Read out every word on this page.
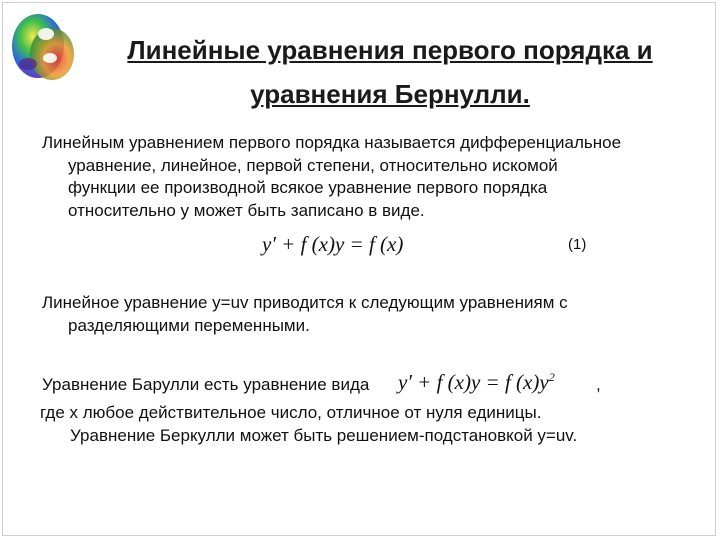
Линейные уравнения первого порядка и
уравнения Бернулли.
Линейным уравнением первого порядка называется дифференциальное
уравнение, линейное, первой степени, относительно искомой
функции ее производной всякое уравнение первого порядка
относительно y может быть записано в виде.
y′ + f (x)y = f (x)	(1)
Линейное уравнение y=uv приводится к следующим уравнениям с
разделяющими переменными.
Уравнение Барулли есть уравнение вида	y′ + f (x)y = f $(x)y^2$ ,
где x любое действительное число, отличное от нуля единицы.
Уравнение Беркулли может быть решением-подстановкой y=uv.
